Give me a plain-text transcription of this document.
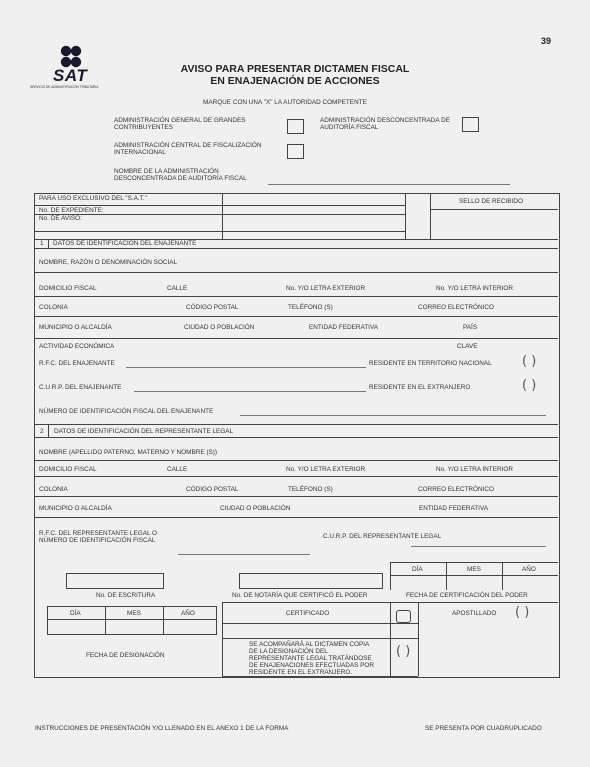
39
SAT
SERVICIO DE ADMINISTRACIÓN TRIBUTARIA
AVISO PARA PRESENTAR DICTAMEN FISCAL
EN ENAJENACIÓN DE ACCIONES
MARQUE CON UNA "X" LA AUTORIDAD COMPETENTE
ADMINISTRACIÓN GENERAL DE GRANDES CONTRIBUYENTES
ADMINISTRACIÓN DESCONCENTRADA DE AUDITORÍA FISCAL
ADMINISTRACIÓN CENTRAL DE FISCALIZACIÓN INTERNACIONAL
NOMBRE DE LA ADMINISTRACIÓN DESCONCENTRADA DE AUDITORÍA FISCAL
PARA USO EXCLUSIVO DEL "S.A.T."
No. DE EXPEDIENTE:
No. DE AVISO:
SELLO DE RECIBIDO
1 DATOS DE IDENTIFICACIÓN DEL ENAJENANTE
NOMBRE, RAZÓN O DENOMINACIÓN SOCIAL
DOMICILIO FISCAL	CALLE	No. Y/O LETRA EXTERIOR	No. Y/O LETRA INTERIOR
COLONIA	CÓDIGO POSTAL	TELÉFONO (S)	CORREO ELECTRÓNICO
MUNICIPIO O ALCALDÍA	CIUDAD O POBLACIÓN	ENTIDAD FEDERATIVA	PAÍS
ACTIVIDAD ECONÓMICA	CLAVE
R.F.C. DEL ENAJENANTE	RESIDENTE EN TERRITORIO NACIONAL ( )
C.U.R.P. DEL ENAJENANTE	RESIDENTE EN EL EXTRANJERO	( )
NÚMERO DE IDENTIFICACIÓN FISCAL DEL ENAJENANTE
2 DATOS DE IDENTIFICACIÓN DEL REPRESENTANTE LEGAL
NOMBRE (APELLIDO PATERNO, MATERNO Y NOMBRE (S))
DOMICILIO FISCAL	CALLE	No. Y/O LETRA EXTERIOR	No. Y/O LETRA INTERIOR
COLONIA	CÓDIGO POSTAL	TELÉFONO (S)	CORREO ELECTRÓNICO
MUNICIPIO O ALCALDÍA	CIUDAD O POBLACIÓN	ENTIDAD FEDERATIVA
R.F.C. DEL REPRESENTANTE LEGAL O NÚMERO DE IDENTIFICACIÓN FISCAL
C.U.R.P. DEL REPRESENTANTE LEGAL
DÍA	MES	AÑO
No. DE ESCRITURA	No. DE NOTARÍA QUE CERTIFICÓ EL PODER	FECHA DE CERTIFICACIÓN DEL PODER
DÍA	MES	AÑO
FECHA DE DESIGNACIÓN
CERTIFICADO	APOSTILLADO ( )
SE ACOMPAÑARÁ AL DICTAMEN COPIA DE LA DESIGNACIÓN DEL REPRESENTANTE LEGAL TRATÁNDOSE DE ENAJENACIONES EFECTUADAS POR RESIDENTE EN EL EXTRANJERO.
( )
INSTRUCCIONES DE PRESENTACIÓN Y/O LLENADO EN EL ANEXO 1 DE LA FORMA	SE PRESENTA POR CUADRUPLICADO
